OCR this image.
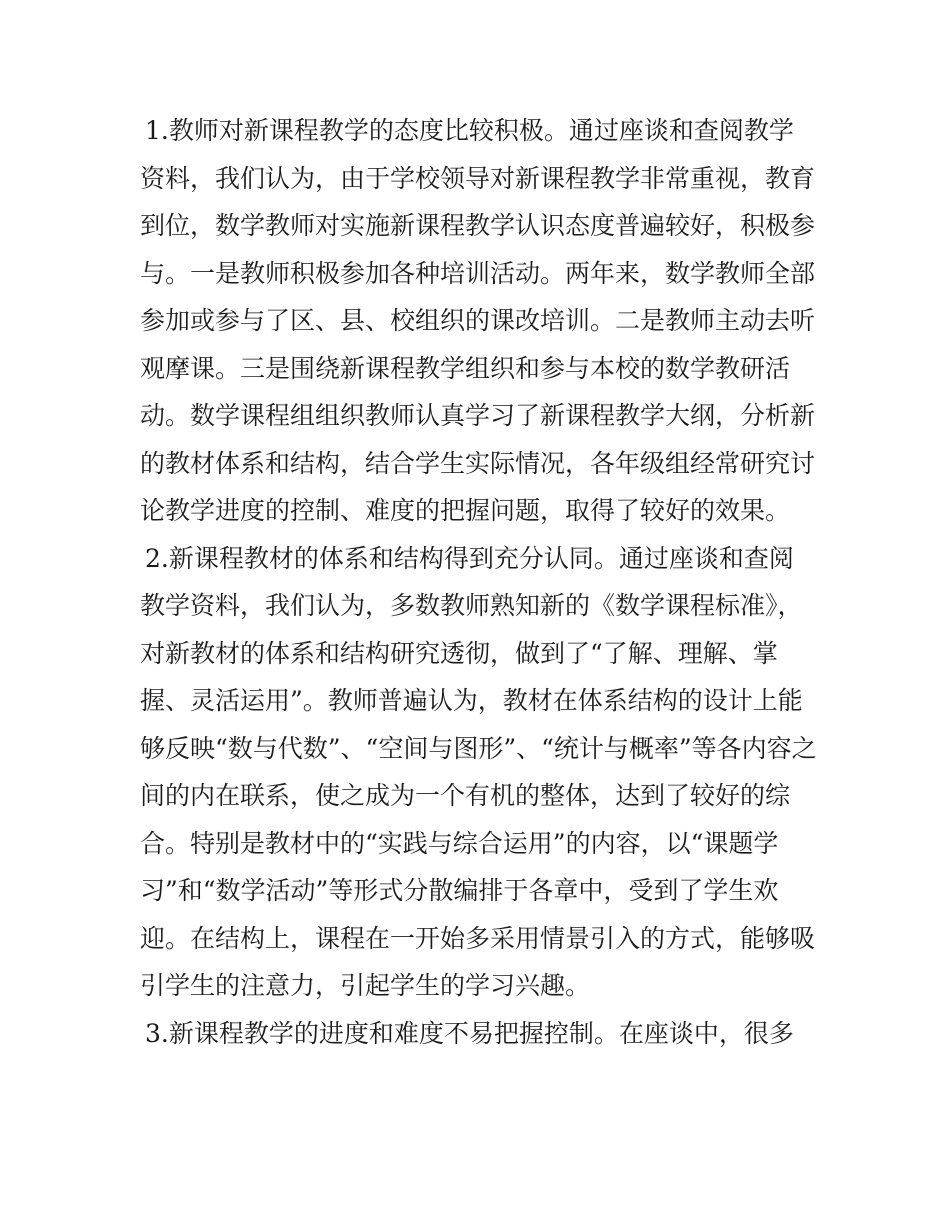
1.教师对新课程教学的态度比较积极。通过座谈和查阅教学
资料，我们认为，由于学校领导对新课程教学非常重视，教育
到位，数学教师对实施新课程教学认识态度普遍较好，积极参
与。一是教师积极参加各种培训活动。两年来，数学教师全部
参加或参与了区、县、校组织的课改培训。二是教师主动去听
观摩课。三是围绕新课程教学组织和参与本校的数学教研活
动。数学课程组组织教师认真学习了新课程教学大纲，分析新
的教材体系和结构，结合学生实际情况，各年级组经常研究讨
论教学进度的控制、难度的把握问题，取得了较好的效果。
2.新课程教材的体系和结构得到充分认同。通过座谈和查阅
教学资料，我们认为，多数教师熟知新的《数学课程标准》，
对新教材的体系和结构研究透彻，做到了“了解、理解、掌
握、灵活运用”。教师普遍认为，教材在体系结构的设计上能
够反映“数与代数”、“空间与图形”、“统计与概率”等各内容之
间的内在联系，使之成为一个有机的整体，达到了较好的综
合。特别是教材中的“实践与综合运用”的内容，以“课题学
习”和“数学活动”等形式分散编排于各章中，受到了学生欢
迎。在结构上，课程在一开始多采用情景引入的方式，能够吸
引学生的注意力，引起学生的学习兴趣。
3.新课程教学的进度和难度不易把握控制。在座谈中，很多
